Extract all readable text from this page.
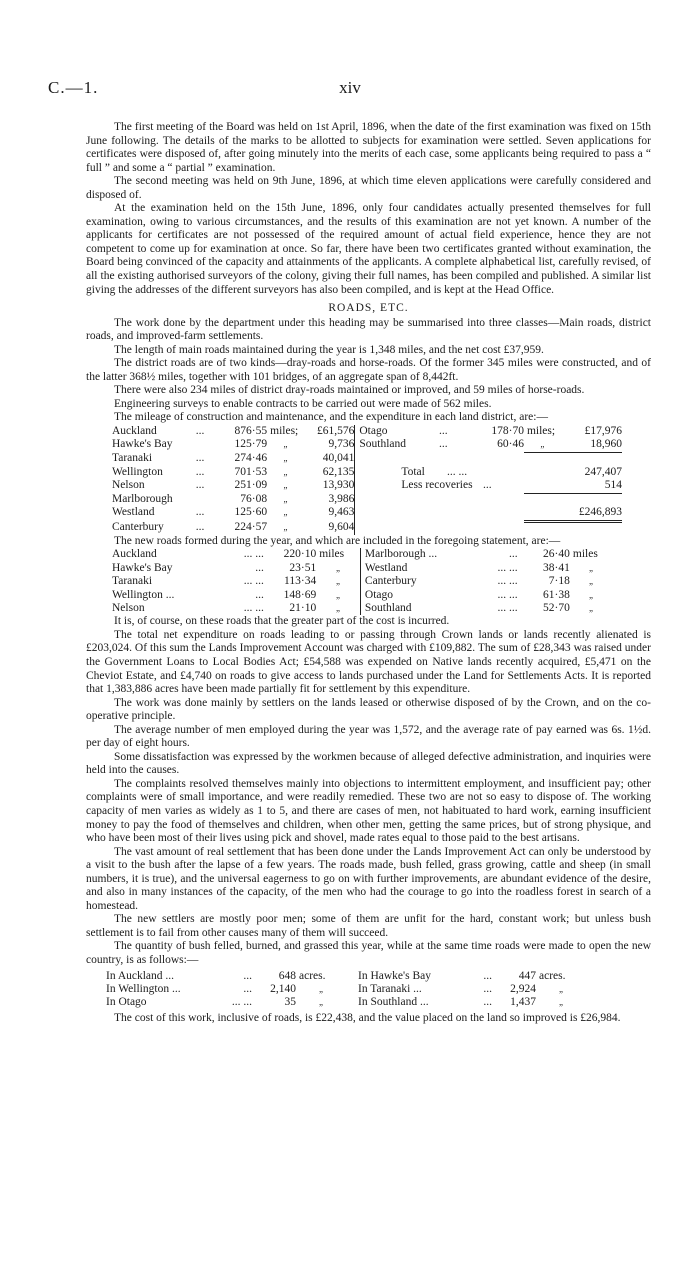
C.—1.	xiv

The first meeting of the Board was held on 1st April, 1896, when the date of the first examination was fixed on 15th June following. The details of the marks to be allotted to subjects for examination were settled. Seven applications for certificates were disposed of, after going minutely into the merits of each case, some applicants being required to pass a “ full ” and some a “ partial ” examination.

The second meeting was held on 9th June, 1896, at which time eleven applications were carefully considered and disposed of.

At the examination held on the 15th June, 1896, only four candidates actually presented themselves for full examination, owing to various circumstances, and the results of this examination are not yet known. A number of the applicants for certificates are not possessed of the required amount of actual field experience, hence they are not competent to come up for examination at once. So far, there have been two certificates granted without examination, the Board being convinced of the capacity and attainments of the applicants. A complete alphabetical list, carefully revised, of all the existing authorised surveyors of the colony, giving their full names, has been compiled and published. A similar list giving the addresses of the different surveyors has also been compiled, and is kept at the Head Office.

ROADS, ETC.

The work done by the department under this heading may be summarised into three classes—Main roads, district roads, and improved-farm settlements.

The length of main roads maintained during the year is 1,348 miles, and the net cost £37,959.

The district roads are of two kinds—dray-roads and horse-roads. Of the former 345 miles were constructed, and of the latter 368½ miles, together with 101 bridges, of an aggregate span of 8,442ft.

There were also 234 miles of district dray-roads maintained or improved, and 59 miles of horse-roads.

Engineering surveys to enable contracts to be carried out were made of 562 miles.

The mileage of construction and maintenance, and the expenditure in each land district, are:—

Auckland	...	876·55	miles;	£61,576	Otago	...	178·70	miles;	£17,976
Hawke's Bay		125·79	„	9,736	Southland	...	60·46	„	18,960
Taranaki	...	274·46	„	40,041					
Wellington	...	701·53	„	62,135	Total	... ...		247,407	
Nelson	...	251·09	„	13,930	Less recoveries		...	514	
Marlborough		76·08	„	3,986					
Westland	...	125·60	„	9,463				£246,893	
Canterbury	...	224·57	„	9,604					

The new roads formed during the year, and which are included in the foregoing statement, are:—

Auckland	... ...	220·10	miles	Marlborough ...	...	26·40	miles
Hawke's Bay	...	23·51	„	Westland	... ...	38·41	„
Taranaki	... ...	113·34	„	Canterbury	... ...	7·18	„
Wellington ...	...	148·69	„	Otago	... ...	61·38	„
Nelson	... ...	21·10	„	Southland	... ...	52·70	„

It is, of course, on these roads that the greater part of the cost is incurred.

The total net expenditure on roads leading to or passing through Crown lands or lands recently alienated is £203,024. Of this sum the Lands Improvement Account was charged with £109,882. The sum of £28,343 was raised under the Government Loans to Local Bodies Act; £54,588 was expended on Native lands recently acquired, £5,471 on the Cheviot Estate, and £4,740 on roads to give access to lands purchased under the Land for Settlements Acts. It is reported that 1,383,886 acres have been made partially fit for settlement by this expenditure.

The work was done mainly by settlers on the lands leased or otherwise disposed of by the Crown, and on the co-operative principle.

The average number of men employed during the year was 1,572, and the average rate of pay earned was 6s. 1½d. per day of eight hours.

Some dissatisfaction was expressed by the workmen because of alleged defective administration, and inquiries were held into the causes.

The complaints resolved themselves mainly into objections to intermittent employment, and insufficient pay; other complaints were of small importance, and were readily remedied. These two are not so easy to dispose of. The working capacity of men varies as widely as 1 to 5, and there are cases of men, not habituated to hard work, earning insufficient money to pay the food of themselves and children, when other men, getting the same prices, but of strong physique, and who have been most of their lives using pick and shovel, made rates equal to those paid to the best artisans.

The vast amount of real settlement that has been done under the Lands Improvement Act can only be understood by a visit to the bush after the lapse of a few years. The roads made, bush felled, grass growing, cattle and sheep (in small numbers, it is true), and the universal eagerness to go on with further improvements, are abundant evidence of the desire, and also in many instances of the capacity, of the men who had the courage to go into the roadless forest in search of a homestead.

The new settlers are mostly poor men; some of them are unfit for the hard, constant work; but unless bush settlement is to fail from other causes many of them will succeed.

The quantity of bush felled, burned, and grassed this year, while at the same time roads were made to open the new country, is as follows:—

In Auckland ...	...	648	acres.	In Hawke's Bay	...	447	acres.
In Wellington ...	...	2,140	„	In Taranaki ...	...	2,924	„
In Otago	... ...	35	„	In Southland ...	...	1,437	„

The cost of this work, inclusive of roads, is £22,438, and the value placed on the land so improved is £26,984.
